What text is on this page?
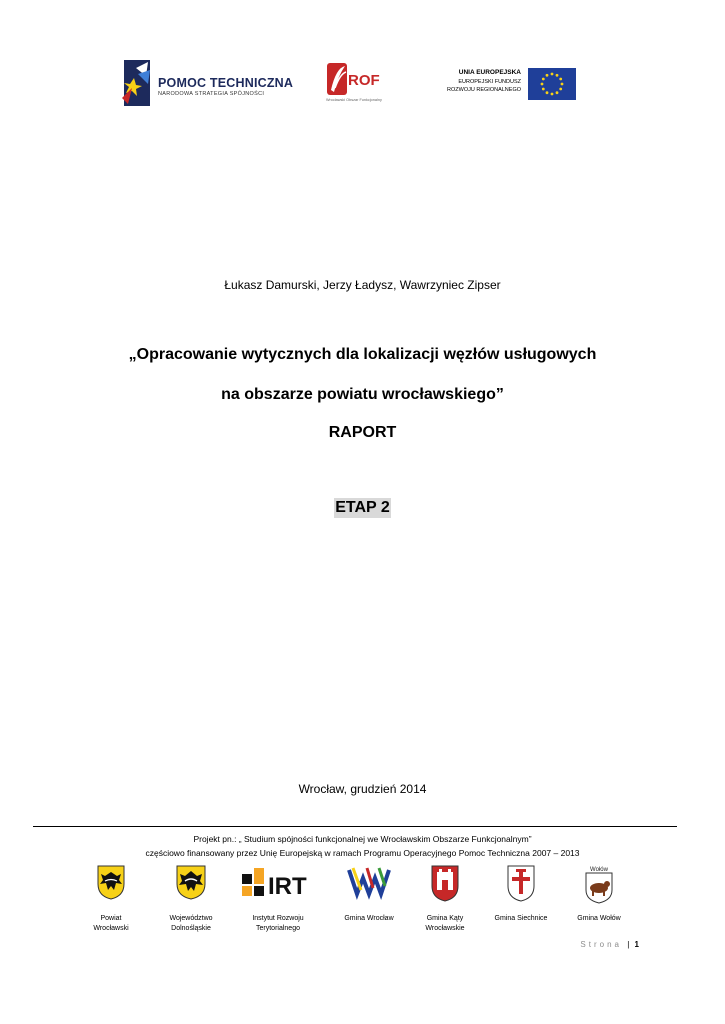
POMOC TECHNICZNA
NARODOWA STRATEGIA SPÓJNOŚCI
ROF
Wrocławski Obszar Funkcjonalny
UNIA EUROPEJSKA
EUROPEJSKI FUNDUSZ
ROZWOJU REGIONALNEGO
Łukasz Damurski, Jerzy Ładysz, Wawrzyniec Zipser
„Opracowanie wytycznych dla lokalizacji węzłów usługowych
na obszarze powiatu wrocławskiego”
RAPORT
ETAP 2
Wrocław, grudzień 2014
Projekt pn.: „ Studium spójności funkcjonalnej we Wrocławskim Obszarze Funkcjonalnym”
częściowo finansowany przez Unię Europejską w ramach Programu Operacyjnego Pomoc Techniczna 2007 – 2013
Powiat
Wrocławski
Województwo
Dolnośląskie
IRT
Instytut Rozwoju
Terytorialnego
Gmina Wrocław	Gmina Kąty
Wrocławskie
Gmina Siechnice
Wołów
Gmina Wołów
Strona | 1
